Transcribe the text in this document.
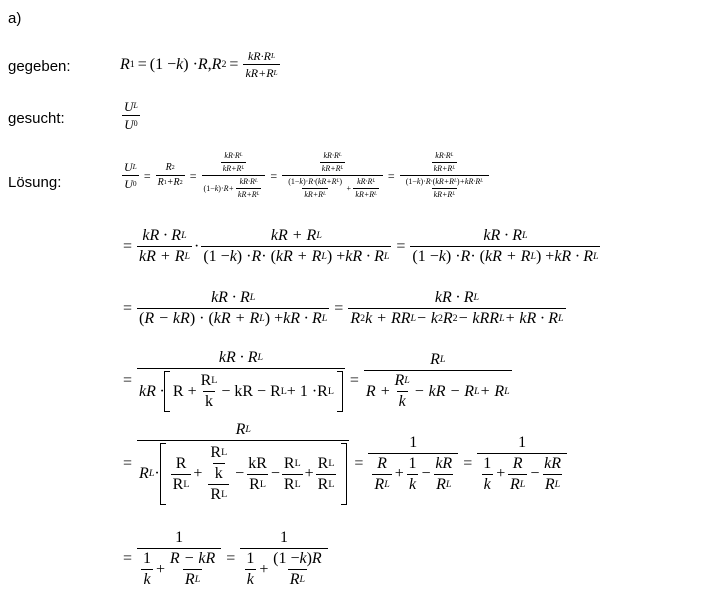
a)
gegeben:
gesucht:
Lösung:
R 1 = (1 − k ) · R , R $2 = \frac{\text{kR·R L}}{\text{kR+R L}}$
U L
U 0
$\frac{\text{U L}}{U 0} = \frac{R 2}{R 1 +R 2}$ =
kR·R L
kR+R L
(1− k )· R+
kR·R L
kR+R L
=
kR·R L
kR+R L
(1− k )· R· ( kR+R L )
kR+R L
+
kR·R L
kR+R L
=
kR·R L
kR+R L
(1− k )· R· ( kR+R L ) +kR·R L
kR+R L
= $\frac{\text{kR · R L}}{\text{kR + R L}} \cdot \frac{\text{kR + R L}}{\text{(1 − k ) · R · ( kR + R L ) + kR · R L}} = \frac{\text{kR · R L}}{\text{(1 − k ) · R · ( kR + R L ) + kR · R L}}$
= $\frac{\text{kR · R L}}{\text{( R − kR ) · ( kR + R L ) + kR · R L}}$ =
kR · R L
R 2 k + RR L − k 2 R 2 − kRR L + kR · R L
=
kR · R L
kR · R +
R L
k
− kR − R L + 1 · R L
=
R L
R +
R L
k
− kR − R L + R L
=
R L
R L ·
R
R L
+
R L
k
R L
−
kR
R L
−
R L
R L
+
R L
R L
=
1
R
R L
+
1
k
−
kR
R L
=
1
1
k
+
R
R L
−
kR
R L
=
1
1
k
+
R − kR
R L
=
1
1
k
+
(1 − k ) R
R L
